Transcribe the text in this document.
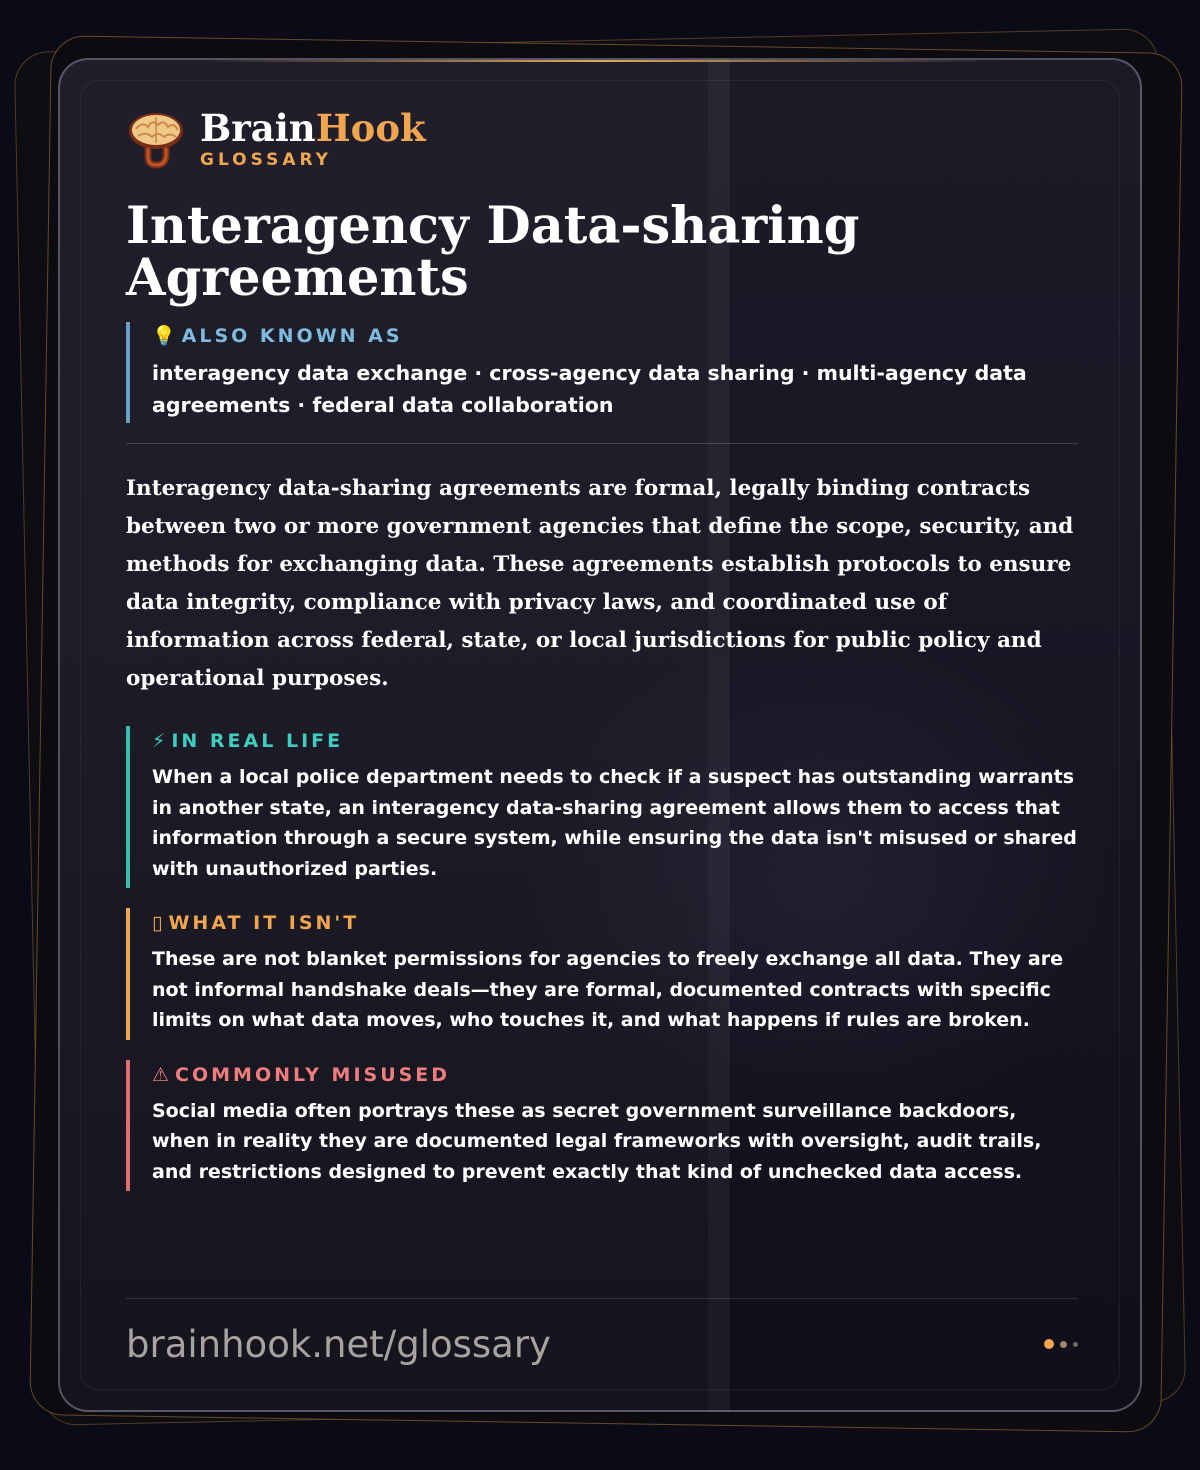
BrainHook
GLOSSARY
Interagency Data-sharing Agreements
💡 ALSO KNOWN AS
interagency data exchange · cross-agency data sharing · multi-agency data agreements · federal data collaboration
Interagency data-sharing agreements are formal, legally binding contracts between two or more government agencies that define the scope, security, and methods for exchanging data. These agreements establish protocols to ensure data integrity, compliance with privacy laws, and coordinated use of information across federal, state, or local jurisdictions for public policy and operational purposes.
⚡ IN REAL LIFE
When a local police department needs to check if a suspect has outstanding warrants in another state, an interagency data-sharing agreement allows them to access that information through a secure system, while ensuring the data isn't misused or shared with unauthorized parties.
▯ WHAT IT ISN'T
These are not blanket permissions for agencies to freely exchange all data. They are not informal handshake deals—they are formal, documented contracts with specific limits on what data moves, who touches it, and what happens if rules are broken.
⚠ COMMONLY MISUSED
Social media often portrays these as secret government surveillance backdoors, when in reality they are documented legal frameworks with oversight, audit trails, and restrictions designed to prevent exactly that kind of unchecked data access.
brainhook.net/glossary
